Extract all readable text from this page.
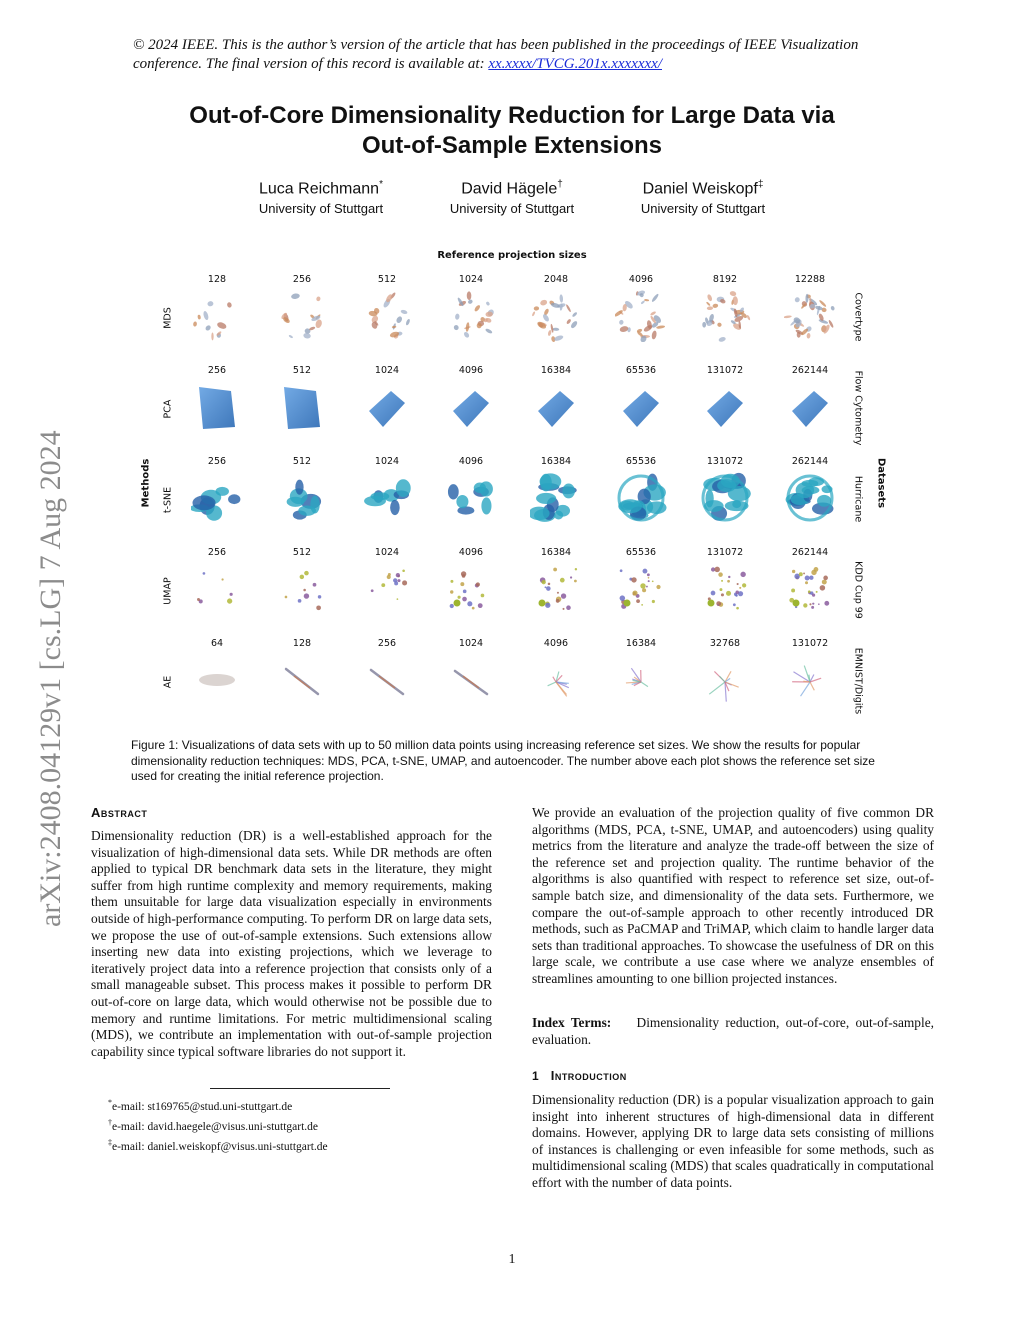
© 2024 IEEE. This is the author’s version of the article that has been published in the proceedings of IEEE Visualization conference. The final version of this record is available at: xx.xxxx/TVCG.201x.xxxxxxx/
Out-of-Core Dimensionality Reduction for Large Data via
Out-of-Sample Extensions
Luca Reichmann*
University of Stuttgart
David Hägele†
University of Stuttgart
Daniel Weiskopf‡
University of Stuttgart
arXiv:2408.04129v1 [cs.LG] 7 Aug 2024
Reference projection sizes
Methods	Datasets
MDS	Covertype
128	256	512	1024	2048	4096	8192	12288
PCA	Flow Cytometry
256	512	1024	4096	16384	65536	131072	262144
t-SNE	Hurricane
256	512	1024	4096	16384	65536	131072	262144
UMAP	KDD Cup 99
256	512	1024	4096	16384	65536	131072	262144
AE	EMNIST/Digits
64	128	256	1024	4096	16384	32768	131072
Figure 1: Visualizations of data sets with up to 50 million data points using increasing reference set sizes. We show the results for popular dimensionality reduction techniques: MDS, PCA, t-SNE, UMAP, and autoencoder. The number above each plot shows the reference set size used for creating the initial reference projection.
Abstract
Dimensionality reduction (DR) is a well-established approach for the visualization of high-dimensional data sets. While DR methods are often applied to typical DR benchmark data sets in the literature, they might suffer from high runtime complexity and memory requirements, making them unsuitable for large data visualization especially in environments outside of high-performance computing. To perform DR on large data sets, we propose the use of out-of-sample extensions. Such extensions allow inserting new data into existing projections, which we leverage to iteratively project data into a reference projection that consists only of a small manageable subset. This process makes it possible to perform DR out-of-core on large data, which would otherwise not be possible due to memory and runtime limitations. For metric multidimensional scaling (MDS), we contribute an implementation with out-of-sample projection capability since typical software libraries do not support it.
We provide an evaluation of the projection quality of five common DR algorithms (MDS, PCA, t-SNE, UMAP, and autoencoders) using quality metrics from the literature and analyze the trade-off between the size of the reference set and projection quality. The runtime behavior of the algorithms is also quantified with respect to reference set size, out-of-sample batch size, and dimensionality of the data sets. Furthermore, we compare the out-of-sample approach to other recently introduced DR methods, such as PaCMAP and TriMAP, which claim to handle larger data sets than traditional approaches. To showcase the usefulness of DR on this large scale, we contribute a use case where we analyze ensembles of streamlines amounting to one billion projected instances.
Index Terms: Dimensionality reduction, out-of-core, out-of-sample, evaluation.
1 Introduction
Dimensionality reduction (DR) is a popular visualization approach to gain insight into inherent structures of high-dimensional data in different domains. However, applying DR to large data sets consisting of millions of instances is challenging or even infeasible for some methods, such as multidimensional scaling (MDS) that scales quadratically in computational effort with the number of data points.
*e-mail: st169765@stud.uni-stuttgart.de
†e-mail: david.haegele@visus.uni-stuttgart.de
‡e-mail: daniel.weiskopf@visus.uni-stuttgart.de
1
